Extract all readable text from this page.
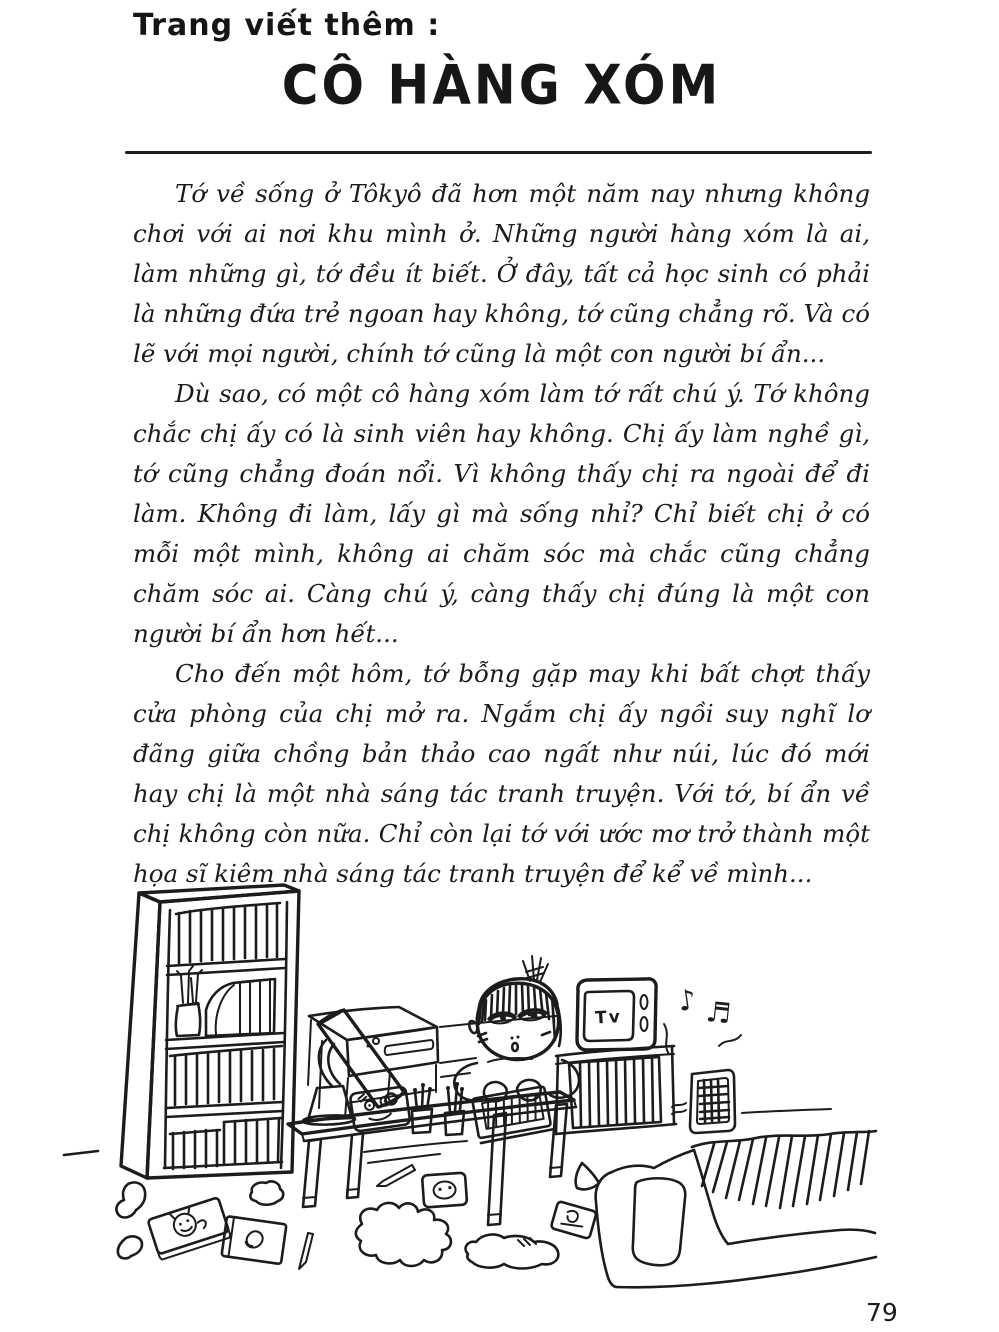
Trang viết thêm :
CÔ HÀNG XÓM

Tớ về sống ở Tôkyô đã hơn một năm nay nhưng không chơi với ai nơi khu mình ở. Những người hàng xóm là ai, làm những gì, tớ đều ít biết. Ở đây, tất cả học sinh có phải là những đứa trẻ ngoan hay không, tớ cũng chẳng rõ. Và có lẽ với mọi người, chính tớ cũng là một con người bí ẩn...

Dù sao, có một cô hàng xóm làm tớ rất chú ý. Tớ không chắc chị ấy có là sinh viên hay không. Chị ấy làm nghề gì, tớ cũng chẳng đoán nổi. Vì không thấy chị ra ngoài để đi làm. Không đi làm, lấy gì mà sống nhỉ? Chỉ biết chị ở có mỗi một mình, không ai chăm sóc mà chắc cũng chẳng chăm sóc ai. Càng chú ý, càng thấy chị đúng là một con người bí ẩn hơn hết...

Cho đến một hôm, tớ bỗng gặp may khi bất chợt thấy cửa phòng của chị mở ra. Ngắm chị ấy ngồi suy nghĩ lơ đãng giữa chồng bản thảo cao ngất như núi, lúc đó mới hay chị là một nhà sáng tác tranh truyện. Với tớ, bí ẩn về chị không còn nữa. Chỉ còn lại tớ với ước mơ trở thành một họa sĩ kiêm nhà sáng tác tranh truyện để kể về mình...

Tv ♪ ♬
79
